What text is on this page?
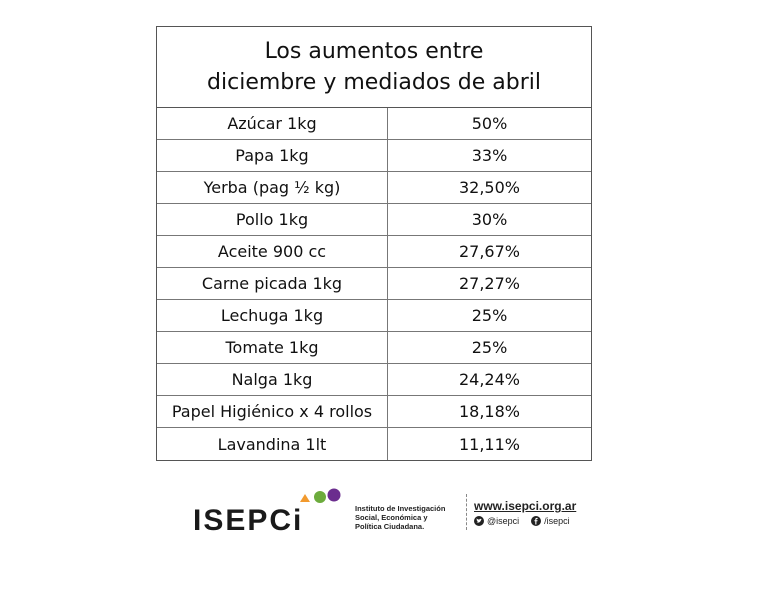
Los aumentos entre
diciembre y mediados de abril
Azúcar 1kg	50%
Papa 1kg	33%
Yerba (pag ½ kg)	32,50%
Pollo 1kg	30%
Aceite 900 cc	27,67%
Carne picada 1kg	27,27%
Lechuga 1kg	25%
Tomate 1kg	25%
Nalga 1kg	24,24%
Papel Higiénico x 4 rollos	18,18%
Lavandina 1lt	11,11%
ISEPCi	Instituto de Investigación
Social, Económica y
Política Ciudadana.
www.isepci.org.ar
@isepci	/isepci
